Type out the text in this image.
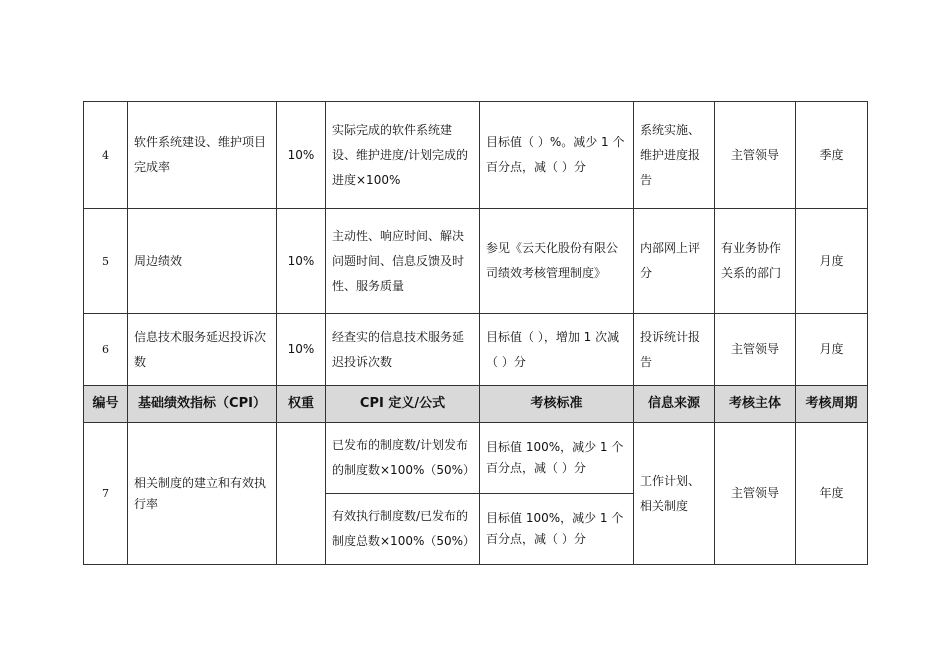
4	软件系统建设、维护项目完成率	10%	实际完成的软件系统建设、维护进度/计划完成的进度×100%	目标值（ ）%。减少 1 个百分点，减（ ）分	系统实施、维护进度报告	主管领导	季度
5	周边绩效	10%	主动性、响应时间、解决问题时间、信息反馈及时性、服务质量	参见《云天化股份有限公司绩效考核管理制度》	内部网上评分	有业务协作关系的部门	月度
6	信息技术服务延迟投诉次数	10%	经查实的信息技术服务延迟投诉次数	目标值（ ），增加 1 次减（ ）分	投诉统计报告	主管领导	月度
编号	基础绩效指标（CPI）	权重	CPI 定义/公式	考核标准	信息来源	考核主体	考核周期
7	相关制度的建立和有效执行率		已发布的制度数/计划发布的制度数×100%（50%）	目标值 100%，减少 1 个百分点，减（ ）分	工作计划、相关制度	主管领导	年度
			有效执行制度数/已发布的制度总数×100%（50%）	目标值 100%，减少 1 个百分点，减（ ）分			
